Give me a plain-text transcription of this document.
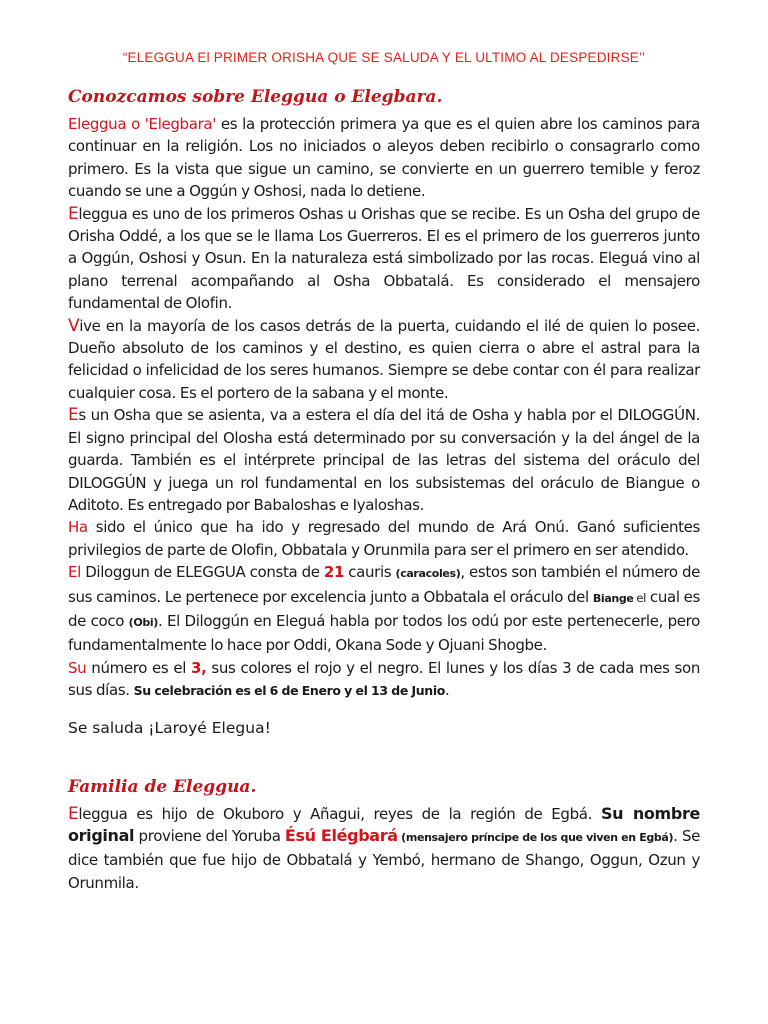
“ELEGGUA El PRIMER ORISHA QUE SE SALUDA Y EL ULTIMO AL DESPEDIRSE’’
Conozcamos sobre Eleggua o Elegbara.

Eleggua o 'Elegbara' es la protección primera ya que es el quien abre los caminos para continuar en la religión. Los no iniciados o aleyos deben recibirlo o consagrarlo como primero. Es la vista que sigue un camino, se convierte en un guerrero temible y feroz cuando se une a Oggún y Oshosi, nada lo detiene.

Eleggua es uno de los primeros Oshas u Orishas que se recibe. Es un Osha del grupo de Orisha Oddé, a los que se le llama Los Guerreros. El es el primero de los guerreros junto a Oggún, Oshosi y Osun. En la naturaleza está simbolizado por las rocas. Eleguá vino al plano terrenal acompañando al Osha Obbatalá. Es considerado el mensajero fundamental de Olofin.

Vive en la mayoría de los casos detrás de la puerta, cuidando el ilé de quien lo posee. Dueño absoluto de los caminos y el destino, es quien cierra o abre el astral para la felicidad o infelicidad de los seres humanos. Siempre se debe contar con él para realizar cualquier cosa. Es el portero de la sabana y el monte.

Es un Osha que se asienta, va a estera el día del itá de Osha y habla por el DILOGGÚN. El signo principal del Olosha está determinado por su conversación y la del ángel de la guarda. También es el intérprete principal de las letras del sistema del oráculo del DILOGGÚN y juega un rol fundamental en los subsistemas del oráculo de Biangue o Aditoto. Es entregado por Babaloshas e Iyaloshas.

Ha sido el único que ha ido y regresado del mundo de Ará Onú. Ganó suficientes privilegios de parte de Olofin, Obbatala y Orunmila para ser el primero en ser atendido.

El Diloggun de ELEGGUA consta de 21 cauris (caracoles), estos son también el número de sus caminos. Le pertenece por excelencia junto a Obbatala el oráculo del Biange el cual es de coco (Obi). El Diloggún en Eleguá habla por todos los odú por este pertenecerle, pero fundamentalmente lo hace por Oddi, Okana Sode y Ojuani Shogbe.

Su número es el 3, sus colores el rojo y el negro. El lunes y los días 3 de cada mes son sus días. Su celebración es el 6 de Enero y el 13 de Junio.

Se saluda ¡Laroyé Elegua!

Familia de Eleggua.

Eleggua es hijo de Okuboro y Añagui, reyes de la región de Egbá. Su nombre original proviene del Yoruba Ésú Elégbará (mensajero príncipe de los que viven en Egbá). Se dice también que fue hijo de Obbatalá y Yembó, hermano de Shango, Oggun, Ozun y Orunmila.
